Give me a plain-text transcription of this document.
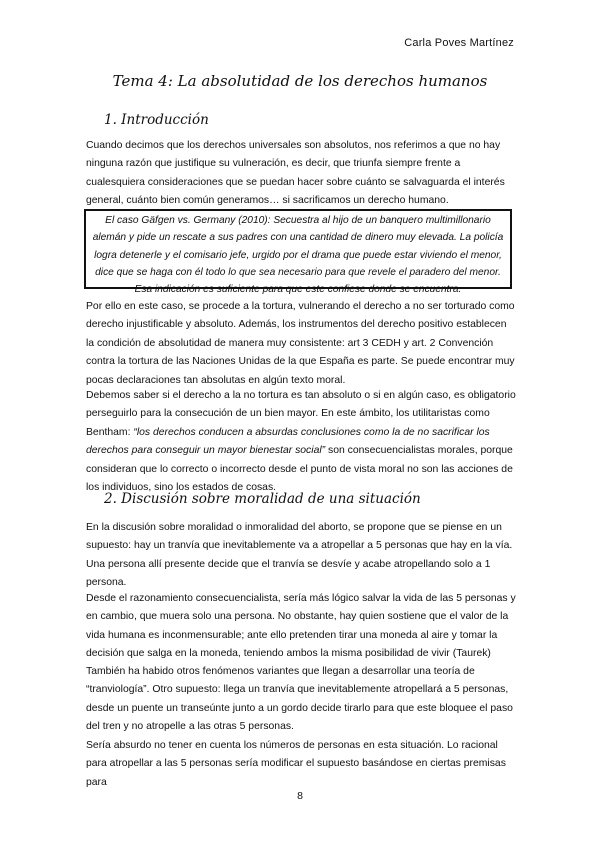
Carla Poves Martínez
Tema 4: La absolutidad de los derechos humanos
1. Introducción

Cuando decimos que los derechos universales son absolutos, nos referimos a que no hay ninguna razón que justifique su vulneración, es decir, que triunfa siempre frente a cualesquiera consideraciones que se puedan hacer sobre cuánto se salvaguarda el interés general, cuánto bien común generamos… si sacrificamos un derecho humano.

El caso Gäfgen vs. Germany (2010): Secuestra al hijo de un banquero multimillonario alemán y pide un rescate a sus padres con una cantidad de dinero muy elevada. La policía logra detenerle y el comisario jefe, urgido por el drama que puede estar viviendo el menor, dice que se haga con él todo lo que sea necesario para que revele el paradero del menor. Esa indicación es suficiente para que este confiese donde se encuentra.

Por ello en este caso, se procede a la tortura, vulnerando el derecho a no ser torturado como derecho injustificable y absoluto. Además, los instrumentos del derecho positivo establecen la condición de absolutidad de manera muy consistente: art 3 CEDH y art. 2 Convención contra la tortura de las Naciones Unidas de la que España es parte. Se puede encontrar muy pocas declaraciones tan absolutas en algún texto moral.

Debemos saber si el derecho a la no tortura es tan absoluto o si en algún caso, es obligatorio perseguirlo para la consecución de un bien mayor. En este ámbito, los utilitaristas como Bentham: “los derechos conducen a absurdas conclusiones como la de no sacrificar los derechos para conseguir un mayor bienestar social” son consecuencialistas morales, porque consideran que lo correcto o incorrecto desde el punto de vista moral no son las acciones de los individuos, sino los estados de cosas.

2. Discusión sobre moralidad de una situación

En la discusión sobre moralidad o inmoralidad del aborto, se propone que se piense en un supuesto: hay un tranvía que inevitablemente va a atropellar a 5 personas que hay en la vía. Una persona allí presente decide que el tranvía se desvíe y acabe atropellando solo a 1 persona.

Desde el razonamiento consecuencialista, sería más lógico salvar la vida de las 5 personas y en cambio, que muera solo una persona. No obstante, hay quien sostiene que el valor de la vida humana es inconmensurable; ante ello pretenden tirar una moneda al aire y tomar la decisión que salga en la moneda, teniendo ambos la misma posibilidad de vivir (Taurek)

También ha habido otros fenómenos variantes que llegan a desarrollar una teoría de “tranviología”. Otro supuesto: llega un tranvía que inevitablemente atropellará a 5 personas, desde un puente un transeúnte junto a un gordo decide tirarlo para que este bloquee el paso del tren y no atropelle a las otras 5 personas.

Sería absurdo no tener en cuenta los números de personas en esta situación. Lo racional para atropellar a las 5 personas sería modificar el supuesto basándose en ciertas premisas para

8
